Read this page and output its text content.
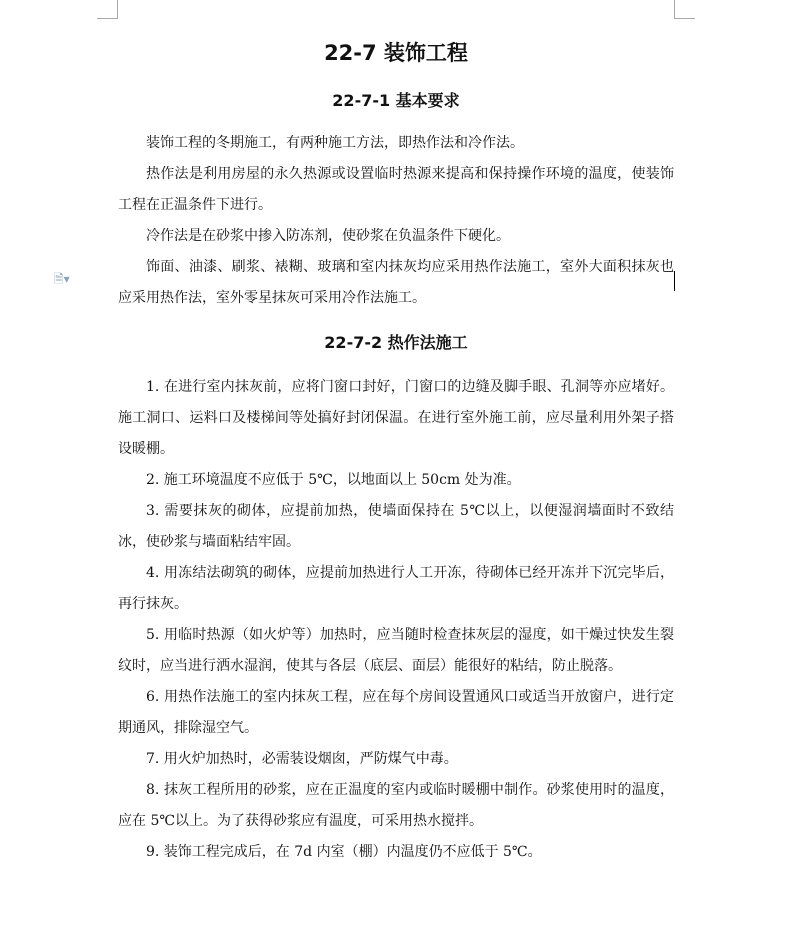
🗎▾
22-7 装饰工程
22-7-1 基本要求

装饰工程的冬期施工，有两种施工方法，即热作法和冷作法。

热作法是利用房屋的永久热源或设置临时热源来提高和保持操作环境的温度，使装饰工程在正温条件下进行。

冷作法是在砂浆中掺入防冻剂，使砂浆在负温条件下硬化。

饰面、油漆、刷浆、裱糊、玻璃和室内抹灰均应采用热作法施工，室外大面积抹灰也应采用热作法，室外零星抹灰可采用冷作法施工。

22-7-2 热作法施工

1. 在进行室内抹灰前，应将门窗口封好，门窗口的边缝及脚手眼、孔洞等亦应堵好。施工洞口、运料口及楼梯间等处搞好封闭保温。在进行室外施工前，应尽量利用外架子搭设暖棚。

2. 施工环境温度不应低于 5℃，以地面以上 50cm 处为准。

3. 需要抹灰的砌体，应提前加热，使墙面保持在 5℃以上，以便湿润墙面时不致结冰，使砂浆与墙面粘结牢固。

4. 用冻结法砌筑的砌体，应提前加热进行人工开冻，待砌体已经开冻并下沉完毕后，再行抹灰。

5. 用临时热源（如火炉等）加热时，应当随时检查抹灰层的湿度，如干燥过快发生裂纹时，应当进行洒水湿润，使其与各层（底层、面层）能很好的粘结，防止脱落。

6. 用热作法施工的室内抹灰工程，应在每个房间设置通风口或适当开放窗户，进行定期通风，排除湿空气。

7. 用火炉加热时，必需装设烟囱，严防煤气中毒。

8. 抹灰工程所用的砂浆，应在正温度的室内或临时暖棚中制作。砂浆使用时的温度，应在 5℃以上。为了获得砂浆应有温度，可采用热水搅拌。

9. 装饰工程完成后，在 7d 内室（棚）内温度仍不应低于 5℃。
